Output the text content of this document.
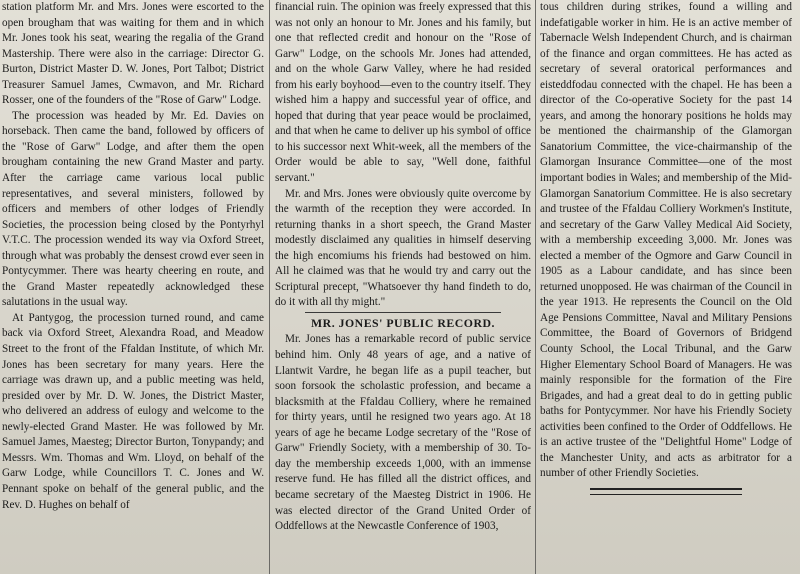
station platform Mr. and Mrs. Jones were escorted to the open brougham that was waiting for them and in which Mr. Jones took his seat, wearing the regalia of the Grand Mastership. There were also in the carriage: Director G. Burton, District Master D. W. Jones, Port Talbot; District Treasurer Samuel James, Cwmavon, and Mr. Richard Rosser, one of the founders of the "Rose of Garw" Lodge.

The procession was headed by Mr. Ed. Davies on horseback. Then came the band, followed by officers of the "Rose of Garw" Lodge, and after them the open brougham containing the new Grand Master and party. After the carriage came various local public representatives, and several ministers, followed by officers and members of other lodges of Friendly Societies, the procession being closed by the Pontyrhyl V.T.C. The procession wended its way via Oxford Street, through what was probably the densest crowd ever seen in Pontycymmer. There was hearty cheering en route, and the Grand Master repeatedly acknowledged these salutations in the usual way.

At Pantygog, the procession turned round, and came back via Oxford Street, Alexandra Road, and Meadow Street to the front of the Ffaldan Institute, of which Mr. Jones has been secretary for many years. Here the carriage was drawn up, and a public meeting was held, presided over by Mr. D. W. Jones, the District Master, who delivered an address of eulogy and welcome to the newly-elected Grand Master. He was followed by Mr. Samuel James, Maesteg; Director Burton, Tonypandy; and Messrs. Wm. Thomas and Wm. Lloyd, on behalf of the Garw Lodge, while Councillors T. C. Jones and W. Pennant spoke on behalf of the general public, and the Rev. D. Hughes on behalf of

financial ruin. The opinion was freely expressed that this was not only an honour to Mr. Jones and his family, but one that reflected credit and honour on the "Rose of Garw" Lodge, on the schools Mr. Jones had attended, and on the whole Garw Valley, where he had resided from his early boyhood—even to the country itself. They wished him a happy and successful year of office, and hoped that during that year peace would be proclaimed, and that when he came to deliver up his symbol of office to his successor next Whit-week, all the members of the Order would be able to say, "Well done, faithful servant."

Mr. and Mrs. Jones were obviously quite overcome by the warmth of the reception they were accorded. In returning thanks in a short speech, the Grand Master modestly disclaimed any qualities in himself deserving the high encomiums his friends had bestowed on him. All he claimed was that he would try and carry out the Scriptural precept, "Whatsoever thy hand findeth to do, do it with all thy might."

MR. JONES' PUBLIC RECORD.

Mr. Jones has a remarkable record of public service behind him. Only 48 years of age, and a native of Llantwit Vardre, he began life as a pupil teacher, but soon forsook the scholastic profession, and became a blacksmith at the Ffaldau Colliery, where he remained for thirty years, until he resigned two years ago. At 18 years of age he became Lodge secretary of the "Rose of Garw" Friendly Society, with a membership of 30. To-day the membership exceeds 1,000, with an immense reserve fund. He has filled all the district offices, and became secretary of the Maesteg District in 1906. He was elected director of the Grand United Order of Oddfellows at the Newcastle Conference of 1903,

tous children during strikes, found a willing and indefatigable worker in him. He is an active member of Tabernacle Welsh Independent Church, and is chairman of the finance and organ committees. He has acted as secretary of several oratorical performances and eisteddfodau connected with the chapel. He has been a director of the Co-operative Society for the past 14 years, and among the honorary positions he holds may be mentioned the chairmanship of the Glamorgan Sanatorium Committee, the vice-chairmanship of the Glamorgan Insurance Committee—one of the most important bodies in Wales; and membership of the Mid-Glamorgan Sanatorium Committee. He is also secretary and trustee of the Ffaldau Colliery Workmen's Institute, and secretary of the Garw Valley Medical Aid Society, with a membership exceeding 3,000. Mr. Jones was elected a member of the Ogmore and Garw Council in 1905 as a Labour candidate, and has since been returned unopposed. He was chairman of the Council in the year 1913. He represents the Council on the Old Age Pensions Committee, Naval and Military Pensions Committee, the Board of Governors of Bridgend County School, the Local Tribunal, and the Garw Higher Elementary School Board of Managers. He was mainly responsible for the formation of the Fire Brigades, and had a great deal to do in getting public baths for Pontycymmer. Nor have his Friendly Society activities been confined to the Order of Oddfellows. He is an active trustee of the "Delightful Home" Lodge of the Manchester Unity, and acts as arbitrator for a number of other Friendly Societies.
